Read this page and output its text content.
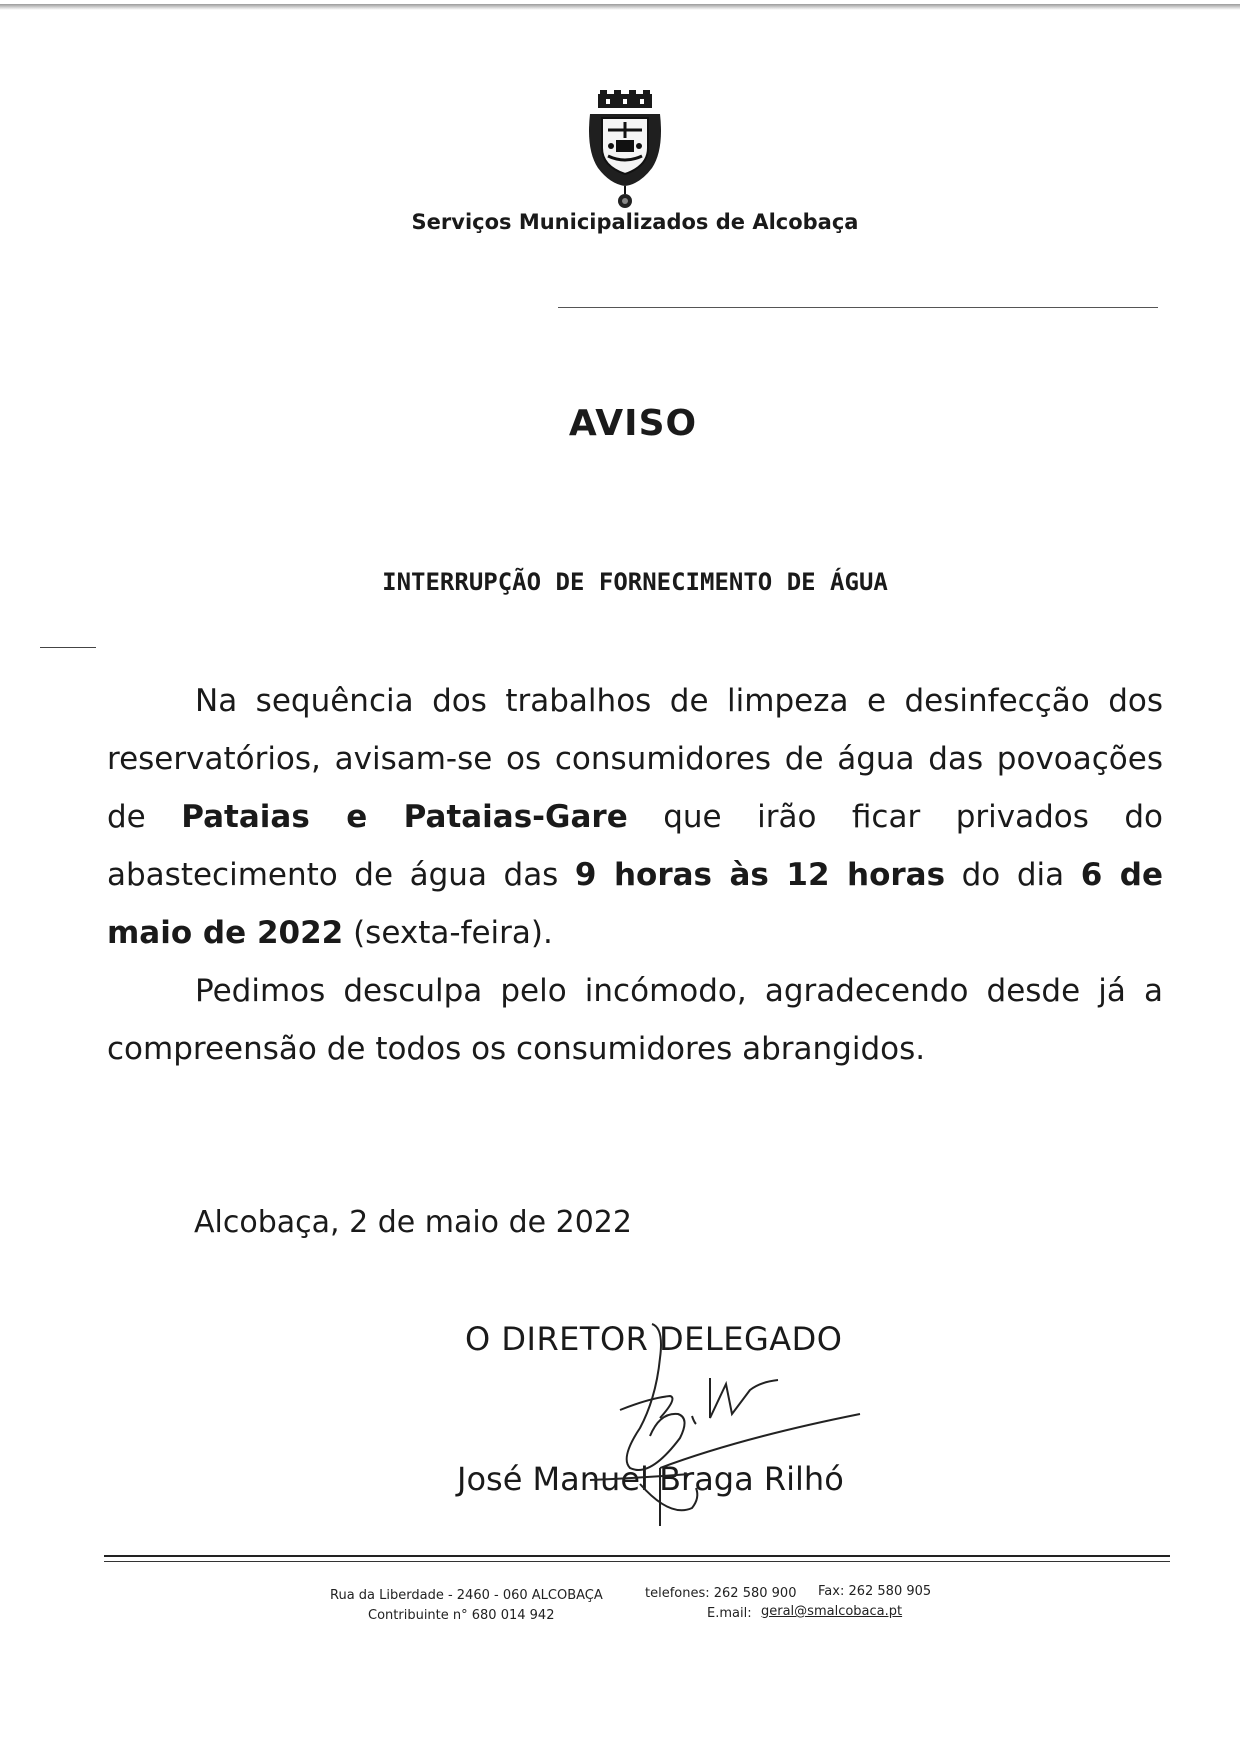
Serviços Municipalizados de Alcobaça
AVISO
INTERRUPÇÃO DE FORNECIMENTO DE ÁGUA

Na sequência dos trabalhos de limpeza e desinfecção dos reservatórios, avisam-se os consumidores de água das povoações de Pataias e Pataias-Gare que irão ficar privados do abastecimento de água das 9 horas às 12 horas do dia 6 de maio de 2022 (sexta-feira).

Pedimos desculpa pelo incómodo, agradecendo desde já a compreensão de todos os consumidores abrangidos.

Alcobaça, 2 de maio de 2022
O DIRETOR DELEGADO
José Manuel Braga Rilhó
Rua da Liberdade - 2460 - 060 ALCOBAÇA	telefones: 262 580 900 Fax: 262 580 905
Contribuinte n° 680 014 942	E.mail: geral@smalcobaca.pt
